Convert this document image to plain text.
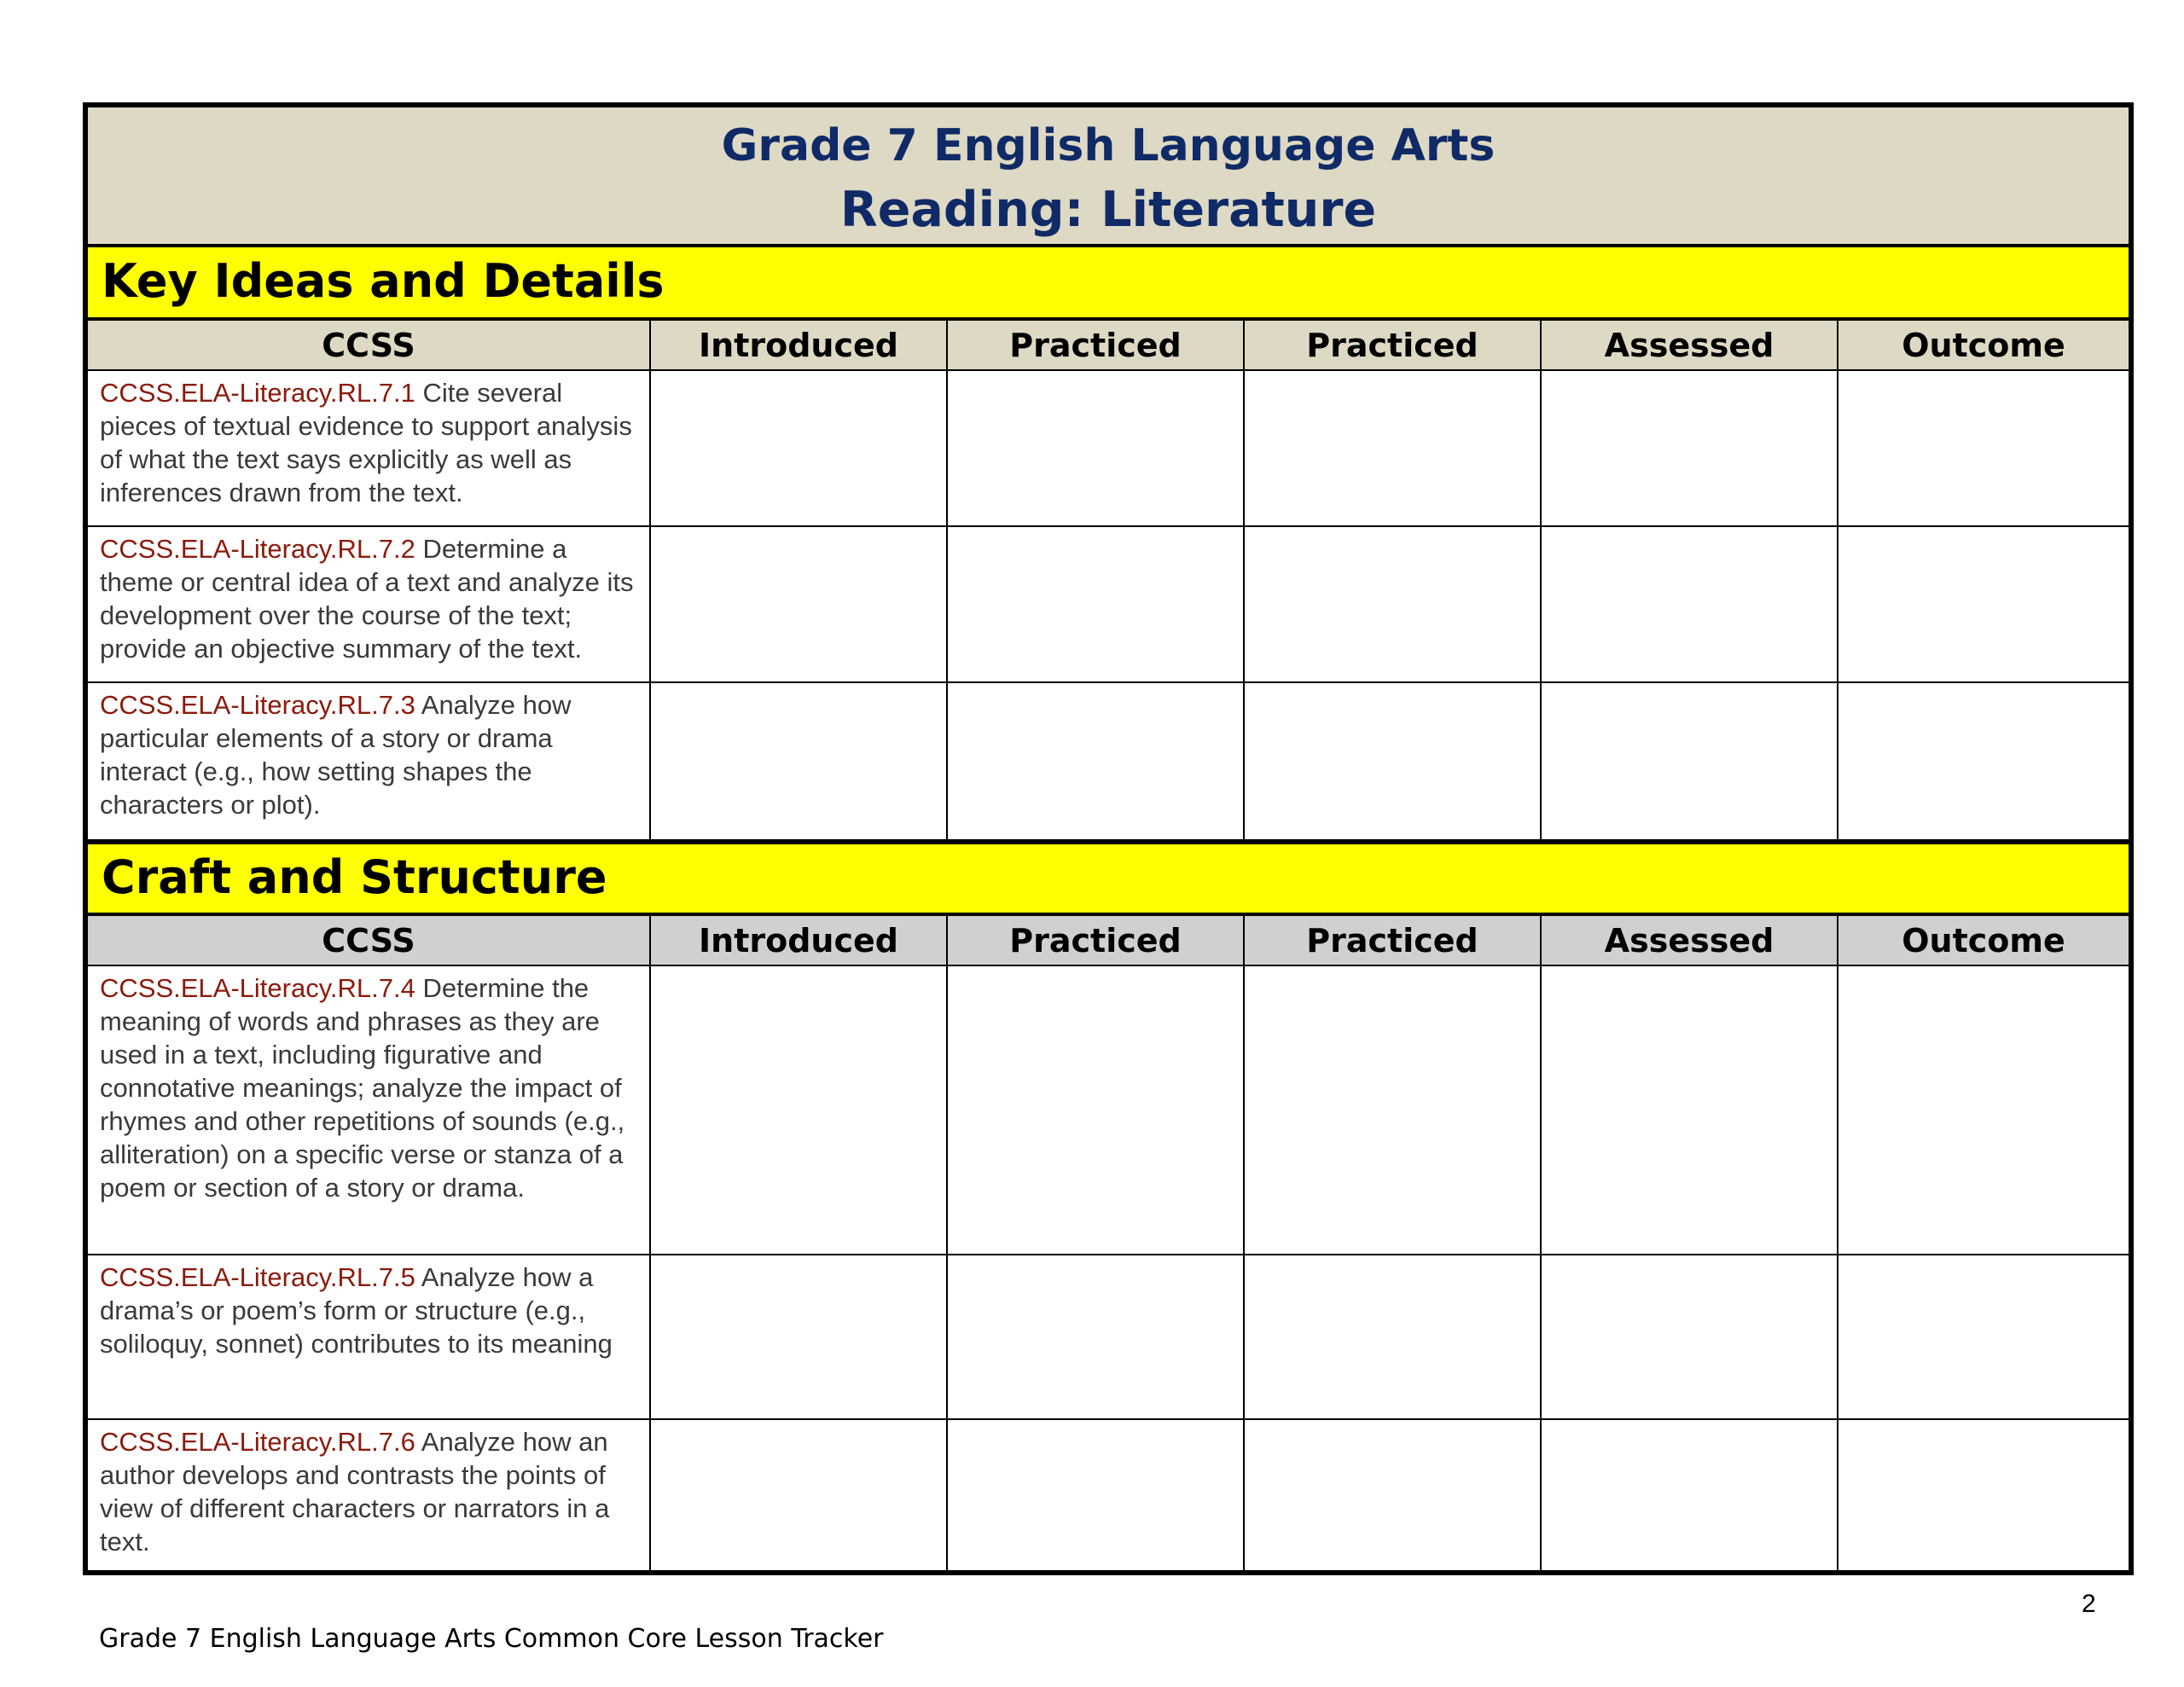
Grade 7 English Language Arts
Reading: Literature
Key Ideas and Details
CCSS	Introduced	Practiced	Practiced	Assessed	Outcome
CCSS.ELA-Literacy.RL.7.1 Cite several pieces of textual evidence to support analysis of what the text says explicitly as well as inferences drawn from the text.
CCSS.ELA-Literacy.RL.7.2 Determine a theme or central idea of a text and analyze its development over the course of the text; provide an objective summary of the text.
CCSS.ELA-Literacy.RL.7.3 Analyze how particular elements of a story or drama interact (e.g., how setting shapes the characters or plot).
Craft and Structure
CCSS	Introduced	Practiced	Practiced	Assessed	Outcome
CCSS.ELA-Literacy.RL.7.4 Determine the meaning of words and phrases as they are used in a text, including figurative and connotative meanings; analyze the impact of rhymes and other repetitions of sounds (e.g., alliteration) on a specific verse or stanza of a poem or section of a story or drama.
CCSS.ELA-Literacy.RL.7.5 Analyze how a drama’s or poem’s form or structure (e.g., soliloquy, sonnet) contributes to its meaning
CCSS.ELA-Literacy.RL.7.6 Analyze how an author develops and contrasts the points of view of different characters or narrators in a text.
2
Grade 7 English Language Arts Common Core Lesson Tracker
